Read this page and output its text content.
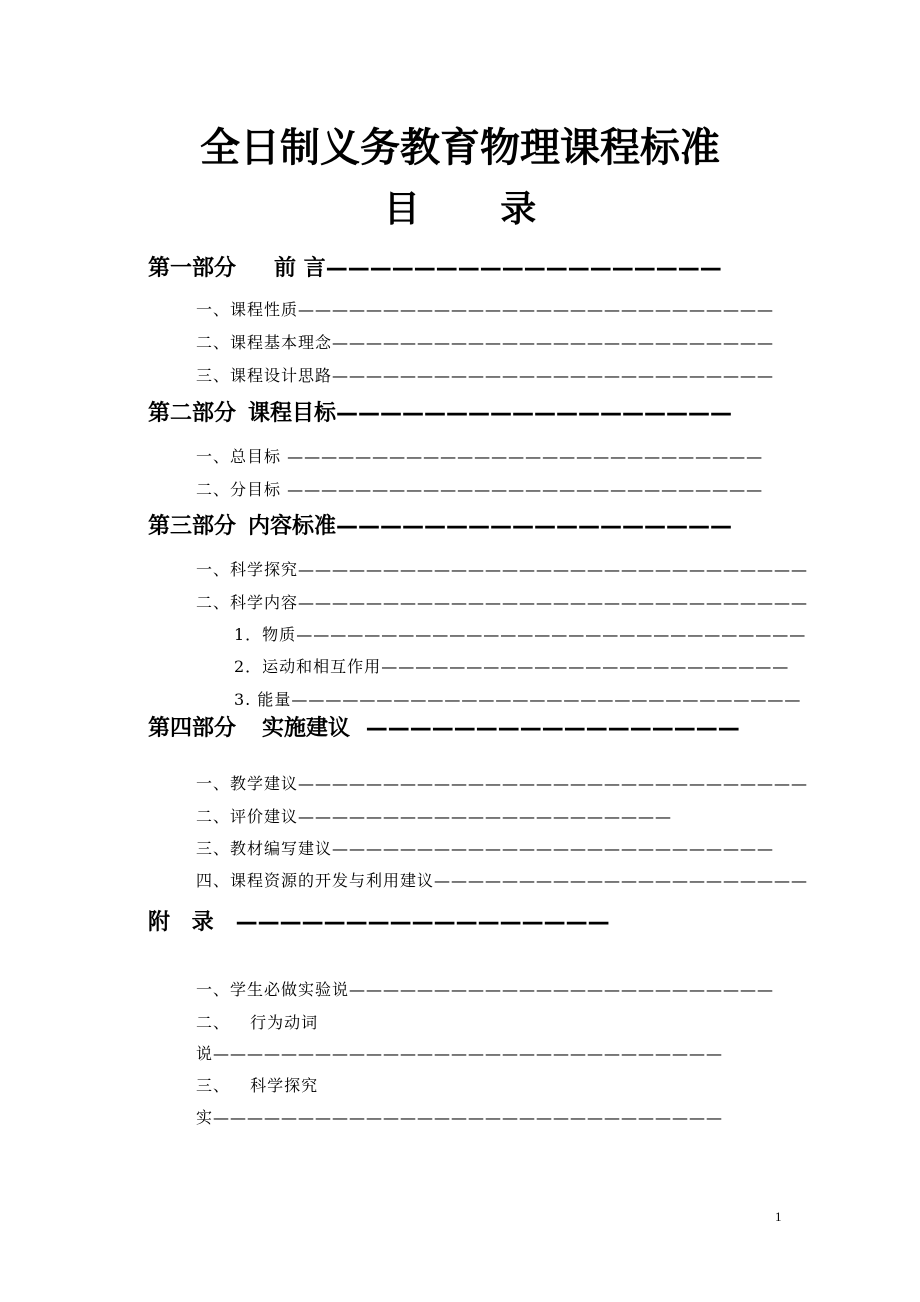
全日制义务教育物理课程标准
目 录
第一部分 前 言——————————————————
一、课程性质————————————————————————————
二、课程基本理念——————————————————————————
三、课程设计思路——————————————————————————
第二部分 课程目标——————————————————
一、总目标 ————————————————————————————
二、分目标 ————————————————————————————
第三部分 内容标准——————————————————
一、科学探究——————————————————————————————
二、科学内容——————————————————————————————
1．物质——————————————————————————————
2．运动和相互作用————————————————————————
3. 能量——————————————————————————————
第四部分 实施建议 —————————————————
一、教学建议——————————————————————————————
二、评价建议——————————————————————
三、教材编写建议——————————————————————————
四、课程资源的开发与利用建议——————————————————————
附 录 —————————————————
一、学生必做实验说—————————————————————————
二、 行为动词
说——————————————————————————————
三、 科学探究
实——————————————————————————————
1
